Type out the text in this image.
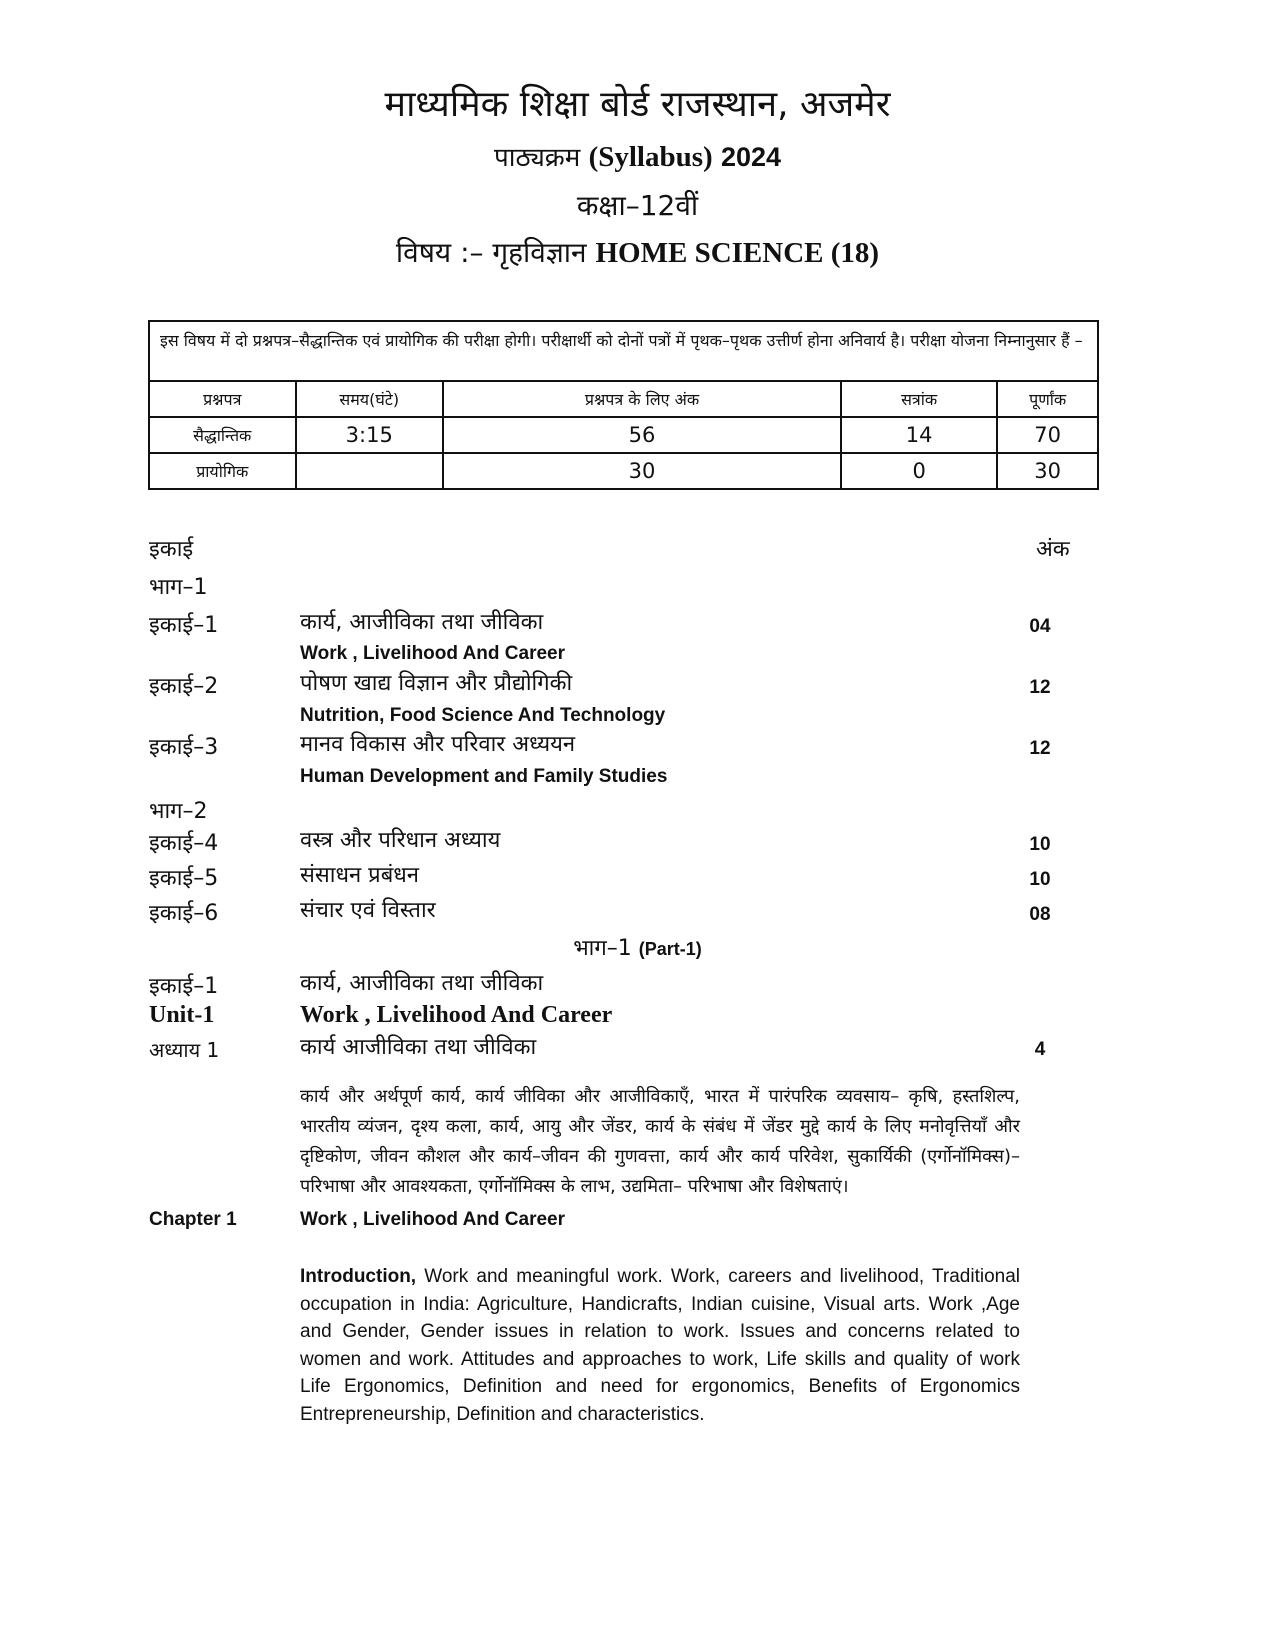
माध्यमिक शिक्षा बोर्ड राजस्थान, अजमेर
पाठ्यक्रम (Syllabus) 2024
कक्षा–12वीं
विषय :– गृहविज्ञान HOME SCIENCE (18)
इस विषय में दो प्रश्नपत्र–सैद्धान्तिक एवं प्रायोगिक की परीक्षा होगी। परीक्षार्थी को दोनों पत्रों में पृथक–पृथक उत्तीर्ण होना अनिवार्य है। परीक्षा योजना निम्नानुसार हैं –
प्रश्नपत्र	समय(घंटे)	प्रश्नपत्र के लिए अंक	सत्रांक	पूर्णांक
सैद्धान्तिक	3:15	56	14	70
प्रायोगिक		30	0	30
इकाई	अंक
भाग–1
इकाई–1	कार्य, आजीविका तथा जीविका	04
Work , Livelihood And Career
इकाई–2	पोषण खाद्य विज्ञान और प्रौद्योगिकी	12
Nutrition, Food Science And Technology
इकाई–3	मानव विकास और परिवार अध्ययन	12
Human Development and Family Studies
भाग–2
इकाई–4	वस्त्र और परिधान अध्याय	10
इकाई–5	संसाधन प्रबंधन	10
इकाई–6	संचार एवं विस्तार	08
भाग–1 (Part-1)
इकाई–1	कार्य, आजीविका तथा जीविका
Unit-1	Work , Livelihood And Career
अध्याय 1	कार्य आजीविका तथा जीविका	4
कार्य और अर्थपूर्ण कार्य, कार्य जीविका और आजीविकाएँ, भारत में पारंपरिक व्यवसाय– कृषि, हस्तशिल्प, भारतीय व्यंजन, दृश्य कला, कार्य, आयु और जेंडर, कार्य के संबंध में जेंडर मुद्दे कार्य के लिए मनोवृत्तियाँ और दृष्टिकोण, जीवन कौशल और कार्य–जीवन की गुणवत्ता, कार्य और कार्य परिवेश, सुकार्यिकी (एर्गोनॉमिक्स)–परिभाषा और आवश्यकता, एर्गोनॉमिक्स के लाभ, उद्यमिता– परिभाषा और विशेषताएं।
Chapter 1	Work , Livelihood And Career
Introduction, Work and meaningful work. Work, careers and livelihood, Traditional occupation in India: Agriculture, Handicrafts, Indian cuisine, Visual arts. Work ,Age and Gender, Gender issues in relation to work. Issues and concerns related to women and work. Attitudes and approaches to work, Life skills and quality of work Life Ergonomics, Definition and need for ergonomics, Benefits of Ergonomics Entrepreneurship, Definition and characteristics.
